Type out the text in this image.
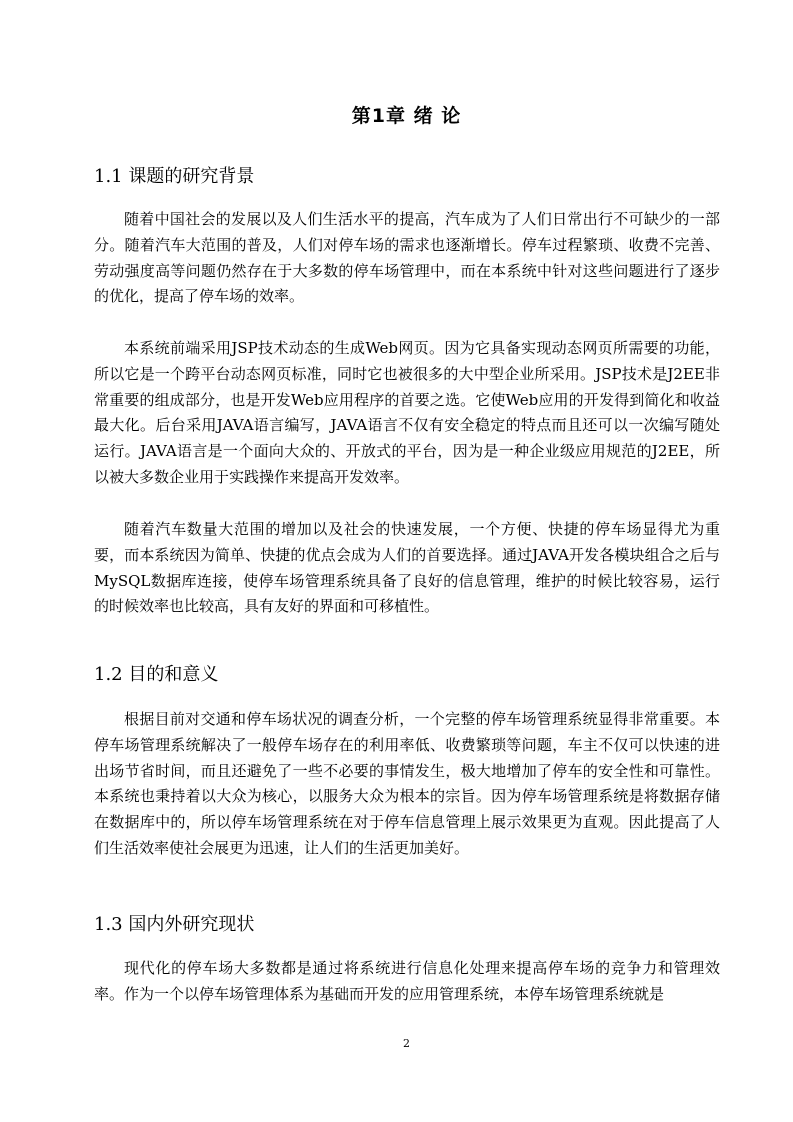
第1章 绪 论
1.1 课题的研究背景

随着中国社会的发展以及人们生活水平的提高，汽车成为了人们日常出行不可缺少的一部分。随着汽车大范围的普及，人们对停车场的需求也逐渐增长。停车过程繁琐、收费不完善、劳动强度高等问题仍然存在于大多数的停车场管理中，而在本系统中针对这些问题进行了逐步的优化，提高了停车场的效率。

本系统前端采用JSP技术动态的生成Web网页。因为它具备实现动态网页所需要的功能，所以它是一个跨平台动态网页标准，同时它也被很多的大中型企业所采用。JSP技术是J2EE非常重要的组成部分，也是开发Web应用程序的首要之选。它使Web应用的开发得到简化和收益最大化。后台采用JAVA语言编写，JAVA语言不仅有安全稳定的特点而且还可以一次编写随处运行。JAVA语言是一个面向大众的、开放式的平台，因为是一种企业级应用规范的J2EE，所以被大多数企业用于实践操作来提高开发效率。

随着汽车数量大范围的增加以及社会的快速发展，一个方便、快捷的停车场显得尤为重要，而本系统因为简单、快捷的优点会成为人们的首要选择。通过JAVA开发各模块组合之后与MySQL数据库连接，使停车场管理系统具备了良好的信息管理，维护的时候比较容易，运行的时候效率也比较高，具有友好的界面和可移植性。

1.2 目的和意义

根据目前对交通和停车场状况的调查分析，一个完整的停车场管理系统显得非常重要。本停车场管理系统解决了一般停车场存在的利用率低、收费繁琐等问题，车主不仅可以快速的进出场节省时间，而且还避免了一些不必要的事情发生，极大地增加了停车的安全性和可靠性。本系统也秉持着以大众为核心，以服务大众为根本的宗旨。因为停车场管理系统是将数据存储在数据库中的，所以停车场管理系统在对于停车信息管理上展示效果更为直观。因此提高了人们生活效率使社会展更为迅速，让人们的生活更加美好。

1.3 国内外研究现状

现代化的停车场大多数都是通过将系统进行信息化处理来提高停车场的竞争力和管理效率。作为一个以停车场管理体系为基础而开发的应用管理系统，本停车场管理系统就是

2
